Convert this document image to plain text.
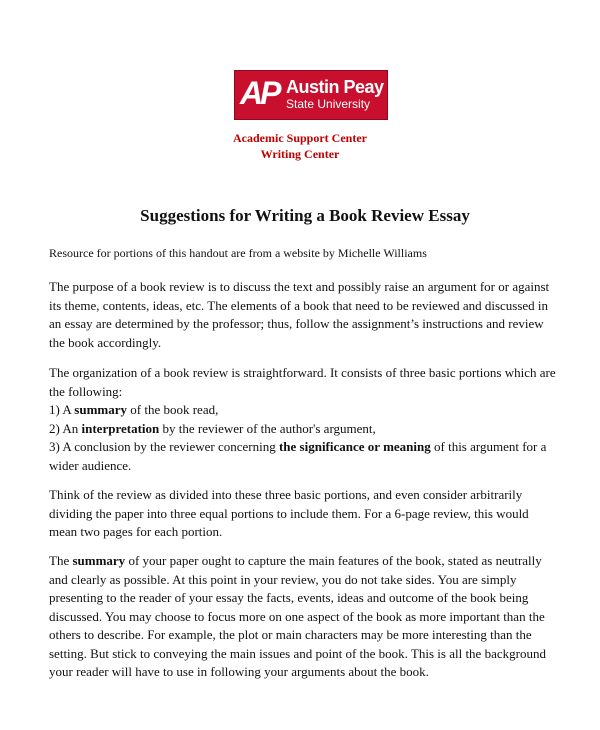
AP Austin Peay
State University
Academic Support Center
Writing Center
Suggestions for Writing a Book Review Essay
Resource for portions of this handout are from a website by Michelle Williams
The purpose of a book review is to discuss the text and possibly raise an argument for or against
its theme, contents, ideas, etc. The elements of a book that need to be reviewed and discussed in
an essay are determined by the professor; thus, follow the assignment’s instructions and review
the book accordingly.
The organization of a book review is straightforward. It consists of three basic portions which are
the following:
1) A summary of the book read,
2) An interpretation by the reviewer of the author's argument,
3) A conclusion by the reviewer concerning the significance or meaning of this argument for a
wider audience.
Think of the review as divided into these three basic portions, and even consider arbitrarily
dividing the paper into three equal portions to include them. For a 6-page review, this would
mean two pages for each portion.
The summary of your paper ought to capture the main features of the book, stated as neutrally
and clearly as possible. At this point in your review, you do not take sides. You are simply
presenting to the reader of your essay the facts, events, ideas and outcome of the book being
discussed. You may choose to focus more on one aspect of the book as more important than the
others to describe. For example, the plot or main characters may be more interesting than the
setting. But stick to conveying the main issues and point of the book. This is all the background
your reader will have to use in following your arguments about the book.
